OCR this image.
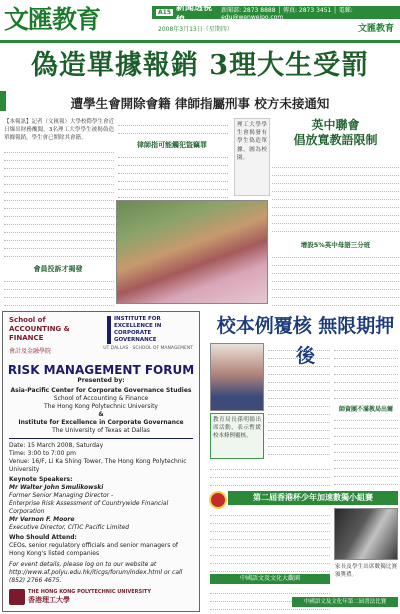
文匯教育	A15 新聞透視線
新聞部: 2873 8888 │ 傳真: 2873 3451 │ 電郵: edu@wenweipo.com
2008年3月13日（星期四）	文匯教育
偽造單據報銷 3理大生受罰
遭學生會開除會籍 律師指屬刑事 校方未接通知
【本報訊】記者（文匯報）大學校際學生會近日爆出財務醜聞，3名理工大學學生被揭偽造單據報銷，學生會已開除其會籍。
會員投訴才揭發
律師指可能觸犯盜竊罪
理工大學學生會揭發有學生偽造單據，圖為校園。
英中聯會
倡放寬教語限制
增設5%英中母語三分班
School of ACCOUNTING & FINANCE
INSTITUTE FOR EXCELLENCE IN CORPORATE GOVERNANCE
會計及金融學院	UT DALLAS · SCHOOL OF MANAGEMENT
RISK MANAGEMENT FORUM
Presented by:
Asia-Pacific Center for Corporate Governance Studies
School of Accounting & Finance
The Hong Kong Polytechnic University
&
Institute for Excellence in Corporate Governance
The University of Texas at Dallas
Date: 15 March 2008, Saturday
Time: 3:00 to 7:00 pm
Venue: 16/F, Li Ka Shing Tower, The Hong Kong Polytechnic University
Keynote Speakers:
Mr Walter John Smulikowski
Former Senior Managing Director -
Enterprise Risk Assessment of Countrywide Financial Corporation
Mr Vernon F. Moore
Executive Director, CITIC Pacific Limited
Who Should Attend:
CEOs, senior regulatory officials and senior managers of Hong Kong's listed companies
For event details, please log on to our website at http://www.af.polyu.edu.hk/iticgs/forum/index.html or call (852) 2766 4675.
THE HONG KONG POLYTECHNIC UNIVERSITY
香港理工大學
校本例覆核 無限期押後
教育局長孫明揚出席活動，表示暫緩校本條例覆核。
師資團不滿教局出爾
第二屆香港杯少年加速數獨小組賽
中國語文及文化大觀園
家長及學生出席數獨比賽頒獎禮。
中國語文及文化年第二屆書法比賽
